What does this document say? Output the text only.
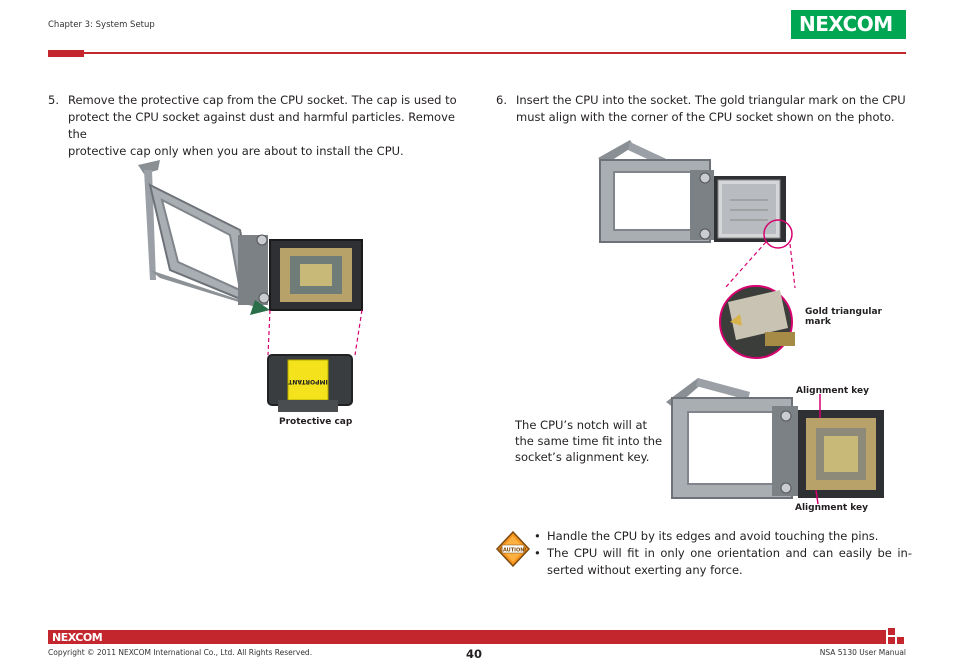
Chapter 3: System Setup	NEXCOM
5. Remove the protective cap from the CPU socket. The cap is used to
protect the CPU socket against dust and harmful particles. Remove the
protective cap only when you are about to install the CPU.
6. Insert the CPU into the socket. The gold triangular mark on the CPU
must align with the corner of the CPU socket shown on the photo.
IMPORTANT
Protective cap
Gold triangular
mark
Alignment key
Alignment key
The CPU’s notch will at
the same time fit into the
socket’s alignment key.
CAUTION!
• Handle the CPU by its edges and avoid touching the pins.
• The CPU will fit in only one orientation and can easily be in- serted without exerting any force.
NEXCOM
Copyright © 2011 NEXCOM International Co., Ltd. All Rights Reserved.	40	NSA 5130 User Manual
